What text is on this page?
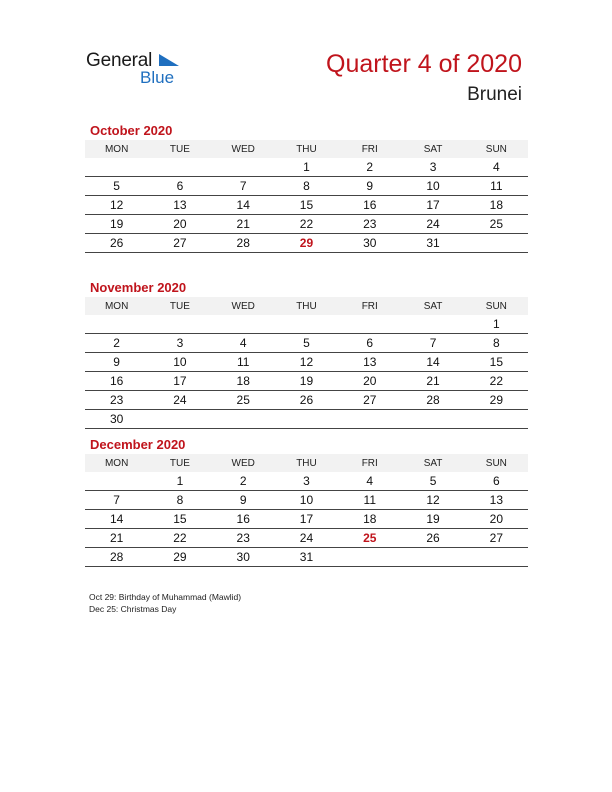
General
Blue	Quarter 4 of 2020
Brunei
October 2020
MON	TUE	WED	THU	FRI	SAT	SUN
			1	2	3	4
5	6	7	8	9	10	11
12	13	14	15	16	17	18
19	20	21	22	23	24	25
26	27	28	29	30	31	
November 2020
MON	TUE	WED	THU	FRI	SAT	SUN
						1
2	3	4	5	6	7	8
9	10	11	12	13	14	15
16	17	18	19	20	21	22
23	24	25	26	27	28	29
30						
December 2020
MON	TUE	WED	THU	FRI	SAT	SUN
	1	2	3	4	5	6
7	8	9	10	11	12	13
14	15	16	17	18	19	20
21	22	23	24	25	26	27
28	29	30	31			
Oct 29: Birthday of Muhammad (Mawlid)
Dec 25: Christmas Day
